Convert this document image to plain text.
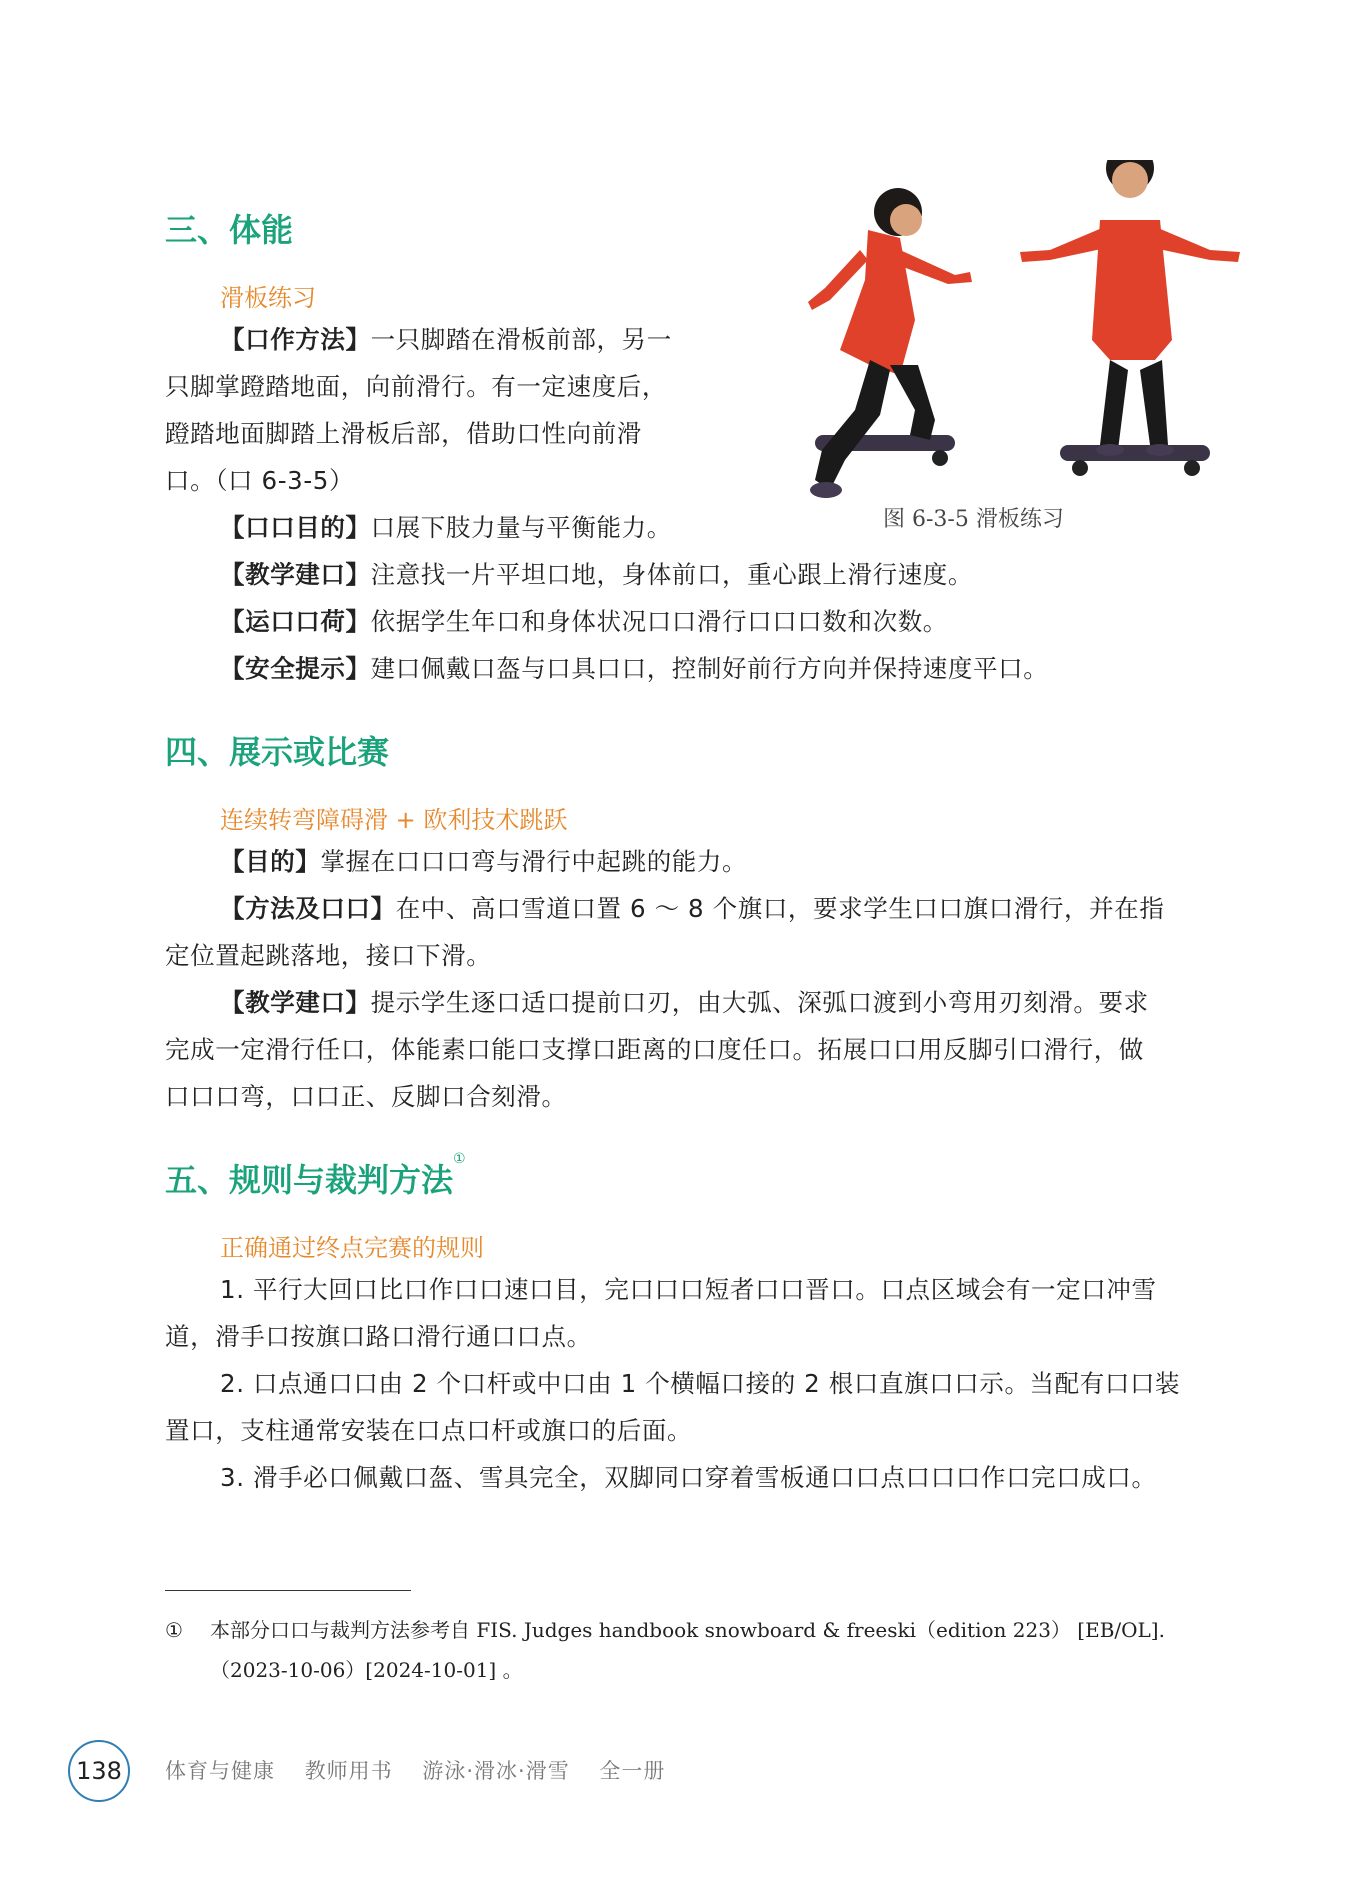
三、体能
滑板练习
【口作方法】一只脚踏在滑板前部，另一
只脚掌蹬踏地面，向前滑行。有一定速度后，
蹬踏地面脚踏上滑板后部，借助口性向前滑
口。（口 6-3-5）
【口口目的】口展下肢力量与平衡能力。
【教学建口】注意找一片平坦口地，身体前口，重心跟上滑行速度。
【运口口荷】依据学生年口和身体状况口口滑行口口口数和次数。
【安全提示】建口佩戴口盔与口具口口，控制好前行方向并保持速度平口。
图 6-3-5 滑板练习
四、展示或比赛
连续转弯障碍滑 + 欧利技术跳跃
【目的】掌握在口口口弯与滑行中起跳的能力。
【方法及口口】在中、高口雪道口置 6 ～ 8 个旗口，要求学生口口旗口滑行，并在指
定位置起跳落地，接口下滑。
【教学建口】提示学生逐口适口提前口刃，由大弧、深弧口渡到小弯用刃刻滑。要求
完成一定滑行任口，体能素口能口支撑口距离的口度任口。拓展口口用反脚引口滑行，做
口口口弯，口口正、反脚口合刻滑。
五、规则与裁判方法①
正确通过终点完赛的规则
1. 平行大回口比口作口口速口目，完口口口短者口口晋口。口点区域会有一定口冲雪
道，滑手口按旗口路口滑行通口口点。
2. 口点通口口由 2 个口杆或中口由 1 个横幅口接的 2 根口直旗口口示。当配有口口装
置口，支柱通常安装在口点口杆或旗口的后面。
3. 滑手必口佩戴口盔、雪具完全，双脚同口穿着雪板通口口点口口口作口完口成口。
① 本部分口口与裁判方法参考自 FIS. Judges handbook snowboard & freeski（edition 223） [EB/OL].
（2023-10-06）[2024-10-01] 。
138	体育与健康 教师用书 游泳·滑冰·滑雪 全一册
